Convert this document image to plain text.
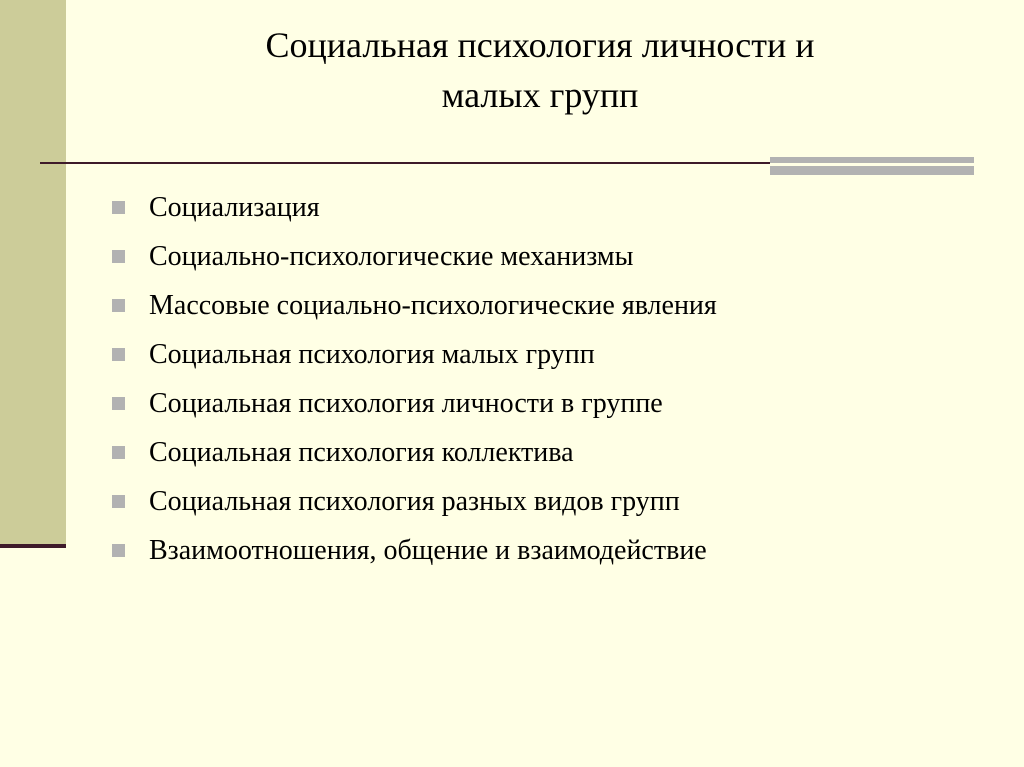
Социальная психология личности и
малых групп
Социализация
Социально-психологические механизмы
Массовые социально-психологические явления
Социальная психология малых групп
Социальная психология личности в группе
Социальная психология коллектива
Социальная психология разных видов групп
Взаимоотношения, общение и взаимодействие
